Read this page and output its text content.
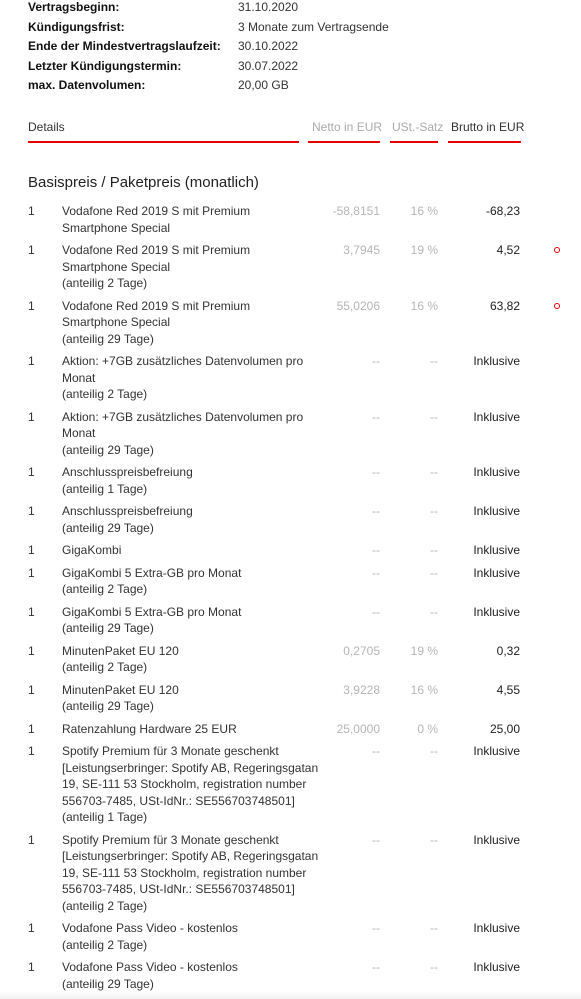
Vertragsbeginn:	31.10.2020
Kündigungsfrist:	3 Monate zum Vertragsende
Ende der Mindestvertragslaufzeit: 30.10.2022
Letzter Kündigungstermin:	30.07.2022
max. Datenvolumen:	20,00 GB
Details	Netto in EUR USt.-Satz Brutto in EUR
Basispreis / Paketpreis (monatlich)
1 Vodafone Red 2019 S mit Premium
Smartphone Special
-58,8151	16 %	-68,23
1 Vodafone Red 2019 S mit Premium
Smartphone Special
(anteilig 2 Tage)
3,7945	19 %	4,52
1 Vodafone Red 2019 S mit Premium
Smartphone Special
(anteilig 29 Tage)
55,0206	16 %	63,82
1 Aktion: +7GB zusätzliches Datenvolumen pro
Monat
(anteilig 2 Tage)
--	--	Inklusive
1 Aktion: +7GB zusätzliches Datenvolumen pro
Monat
(anteilig 29 Tage)
--	--	Inklusive
1 Anschlusspreisbefreiung
(anteilig 1 Tage)
--	--	Inklusive
1 Anschlusspreisbefreiung
(anteilig 29 Tage)
--	--	Inklusive
1 GigaKombi	--	--	Inklusive
1 GigaKombi 5 Extra-GB pro Monat
(anteilig 2 Tage)
--	--	Inklusive
1 GigaKombi 5 Extra-GB pro Monat
(anteilig 29 Tage)
--	--	Inklusive
1 MinutenPaket EU 120
(anteilig 2 Tage)
0,2705	19 %	0,32
1 MinutenPaket EU 120
(anteilig 29 Tage)
3,9228	16 %	4,55
1 Ratenzahlung Hardware 25 EUR	25,0000	0 %	25,00
1 Spotify Premium für 3 Monate geschenkt
[Leistungserbringer: Spotify AB, Regeringsgatan
19, SE-111 53 Stockholm, registration number
556703-7485, USt-IdNr.: SE556703748501]
(anteilig 1 Tage)
--	--	Inklusive
1 Spotify Premium für 3 Monate geschenkt
[Leistungserbringer: Spotify AB, Regeringsgatan
19, SE-111 53 Stockholm, registration number
556703-7485, USt-IdNr.: SE556703748501]
(anteilig 2 Tage)
--	--	Inklusive
1 Vodafone Pass Video - kostenlos
(anteilig 2 Tage)
--	--	Inklusive
1 Vodafone Pass Video - kostenlos
(anteilig 29 Tage)
--	--	Inklusive
